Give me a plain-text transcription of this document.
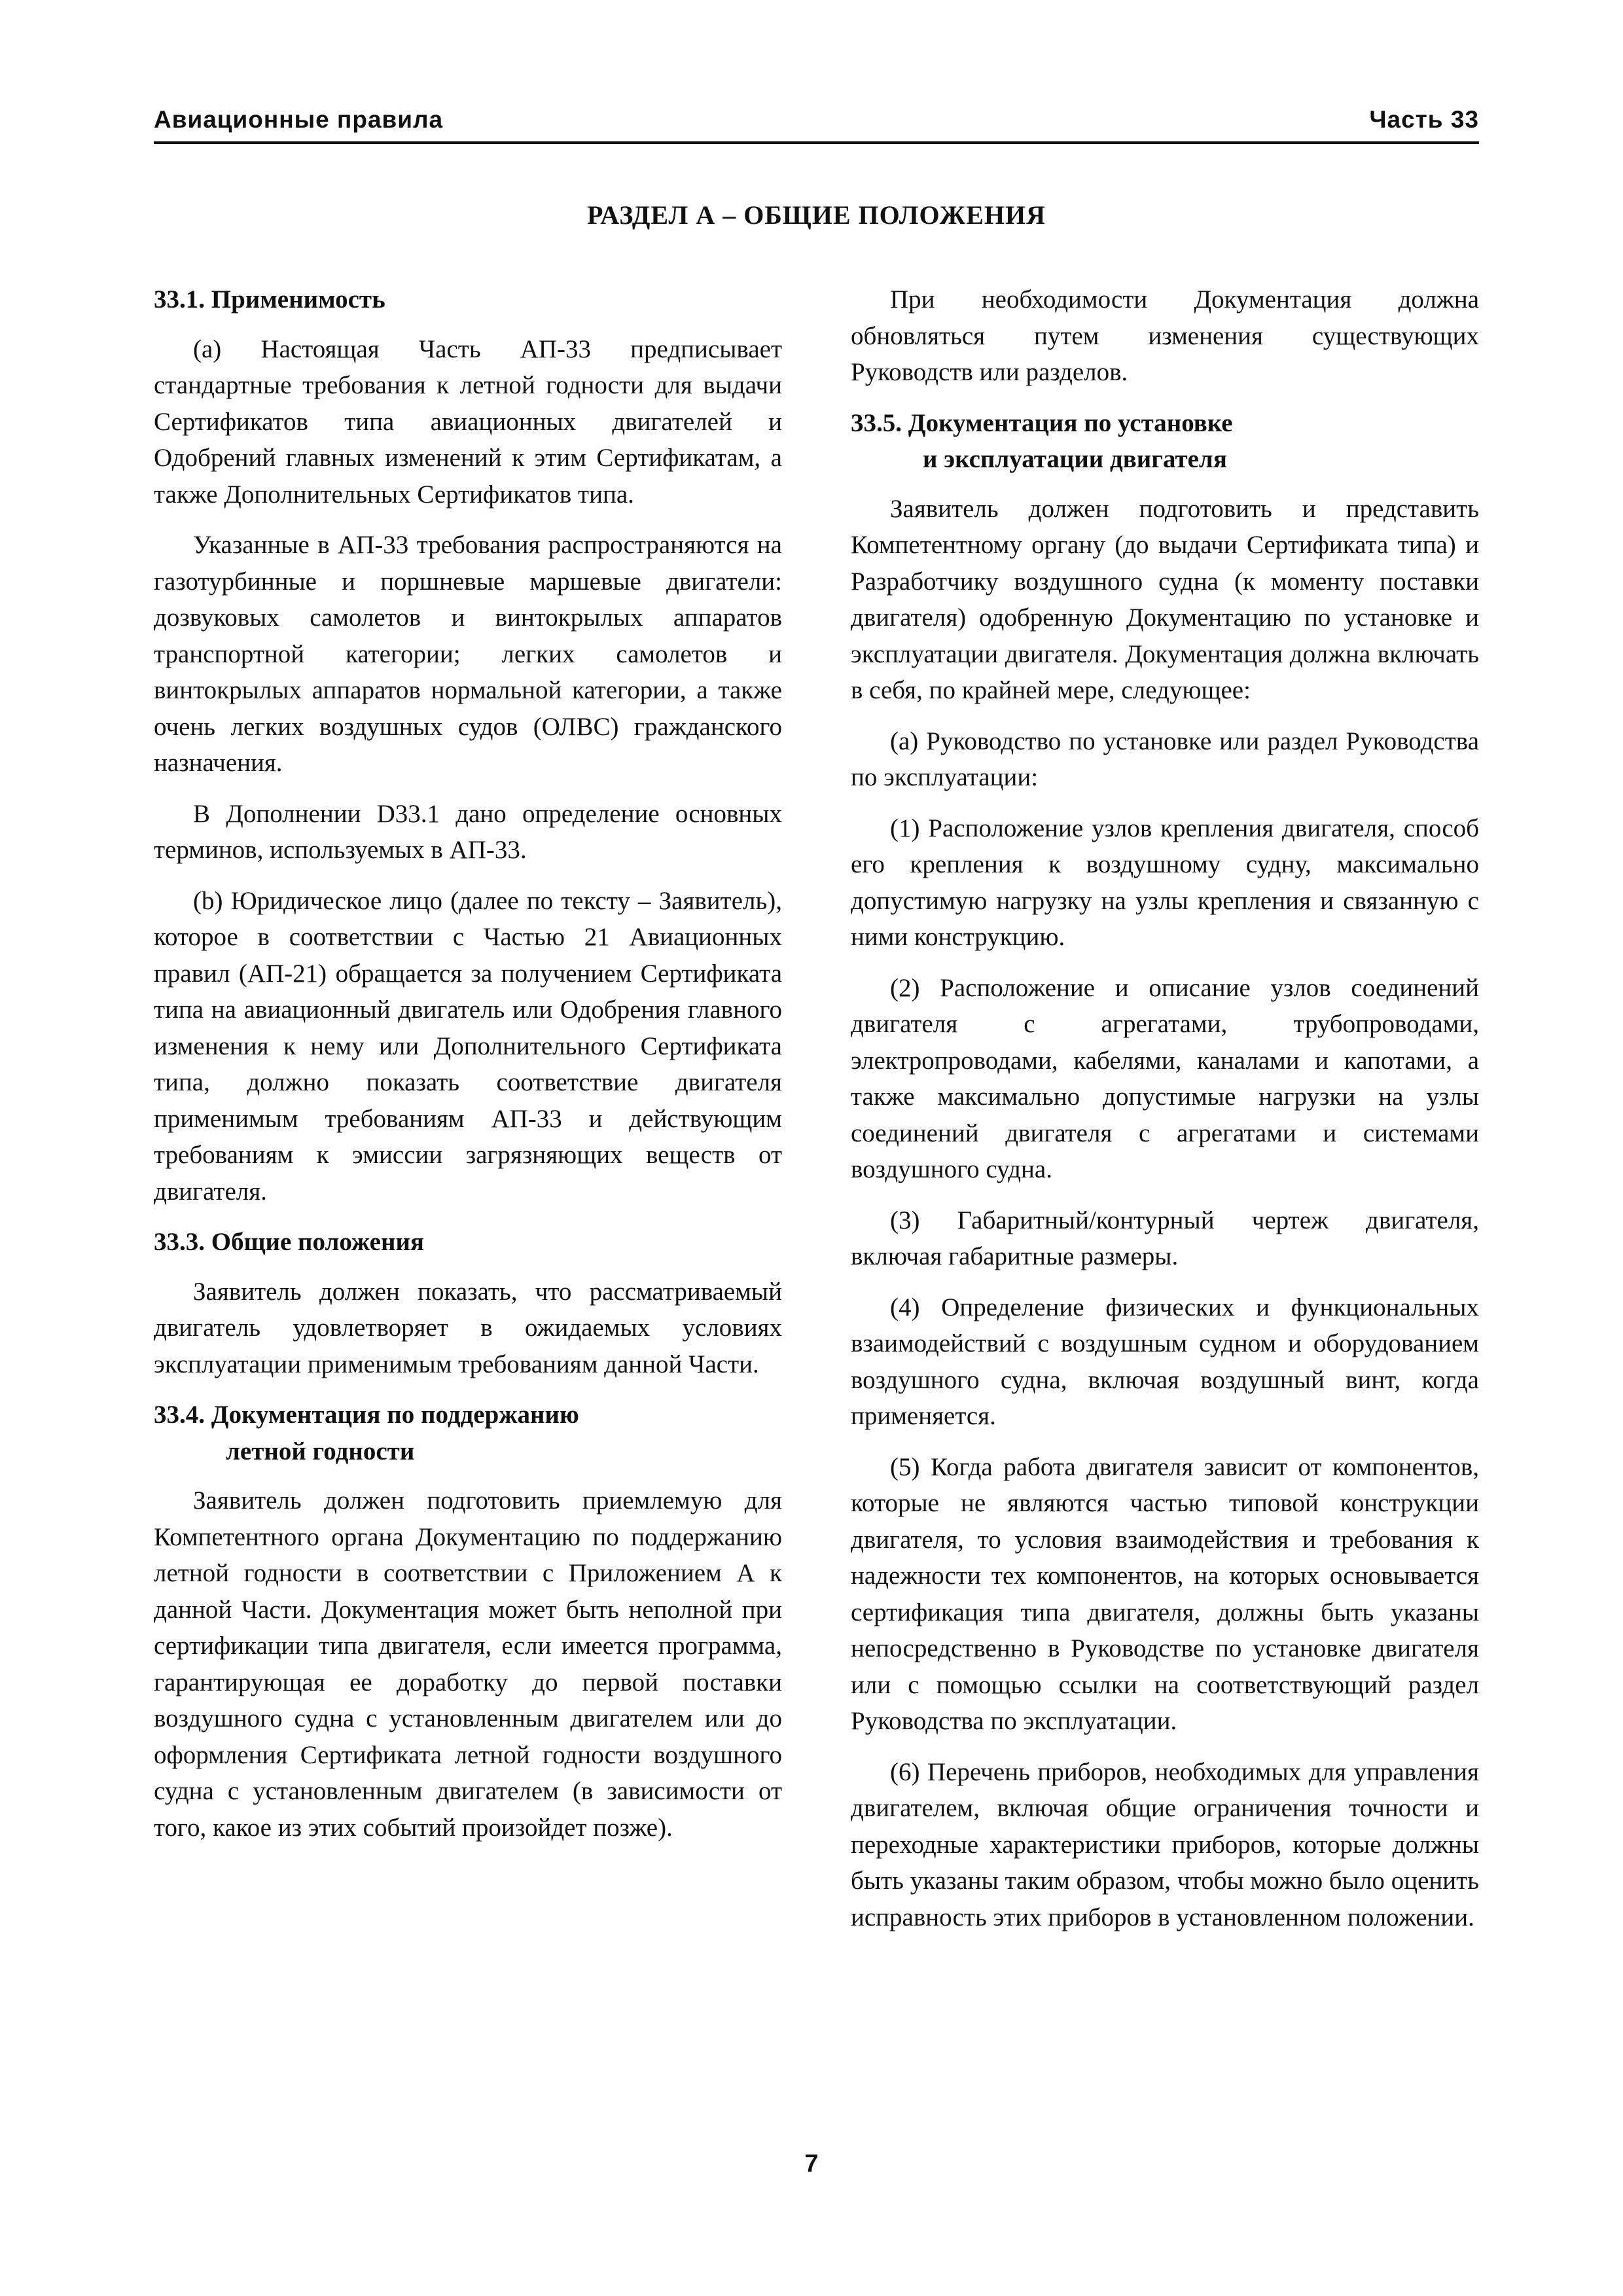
Авиационные правила	Часть 33
РАЗДЕЛ А – ОБЩИЕ ПОЛОЖЕНИЯ
33.1. Применимость

(a) Настоящая Часть АП-33 предписывает стандартные требования к летной годности для выдачи Сертификатов типа авиационных двигателей и Одобрений главных изменений к этим Сертификатам, а также Дополнительных Сертификатов типа.

Указанные в АП-33 требования распространяются на газотурбинные и поршневые маршевые двигатели: дозвуковых самолетов и винтокрылых аппаратов транспортной категории; легких самолетов и винтокрылых аппаратов нормальной категории, а также очень легких воздушных судов (ОЛВС) гражданского назначения.

В Дополнении D33.1 дано определение основных терминов, используемых в АП-33.

(b) Юридическое лицо (далее по тексту – Заявитель), которое в соответствии с Частью 21 Авиационных правил (АП-21) обращается за получением Сертификата типа на авиационный двигатель или Одобрения главного изменения к нему или Дополнительного Сертификата типа, должно показать соответствие двигателя применимым требованиям АП-33 и действующим требованиям к эмиссии загрязняющих веществ от двигателя.

33.3. Общие положения

Заявитель должен показать, что рассматриваемый двигатель удовлетворяет в ожидаемых условиях эксплуатации применимым требованиям данной Части.

33.4. Документация по поддержанию
летной годности

Заявитель должен подготовить приемлемую для Компетентного органа Документацию по поддержанию летной годности в соответствии с Приложением А к данной Части. Документация может быть неполной при сертификации типа двигателя, если имеется программа, гарантирующая ее доработку до первой поставки воздушного судна с установленным двигателем или до оформления Сертификата летной годности воздушного судна с установленным двигателем (в зависимости от того, какое из этих событий произойдет позже).

При необходимости Документация должна обновляться путем изменения существующих Руководств или разделов.

33.5. Документация по установке
и эксплуатации двигателя

Заявитель должен подготовить и представить Компетентному органу (до выдачи Сертификата типа) и Разработчику воздушного судна (к моменту поставки двигателя) одобренную Документацию по установке и эксплуатации двигателя. Документация должна включать в себя, по крайней мере, следующее:

(a) Руководство по установке или раздел Руководства по эксплуатации:

(1) Расположение узлов крепления двигателя, способ его крепления к воздушному судну, максимально допустимую нагрузку на узлы крепления и связанную с ними конструкцию.

(2) Расположение и описание узлов соединений двигателя с агрегатами, трубопроводами, электропроводами, кабелями, каналами и капотами, а также максимально допустимые нагрузки на узлы соединений двигателя с агрегатами и системами воздушного судна.

(3) Габаритный/контурный чертеж двигателя, включая габаритные размеры.

(4) Определение физических и функциональных взаимодействий с воздушным судном и оборудованием воздушного судна, включая воздушный винт, когда применяется.

(5) Когда работа двигателя зависит от компонентов, которые не являются частью типовой конструкции двигателя, то условия взаимодействия и требования к надежности тех компонентов, на которых основывается сертификация типа двигателя, должны быть указаны непосредственно в Руководстве по установке двигателя или с помощью ссылки на соответствующий раздел Руководства по эксплуатации.

(6) Перечень приборов, необходимых для управления двигателем, включая общие ограничения точности и переходные характеристики приборов, которые должны быть указаны таким образом, чтобы можно было оценить исправность этих приборов в установленном положении.

7
